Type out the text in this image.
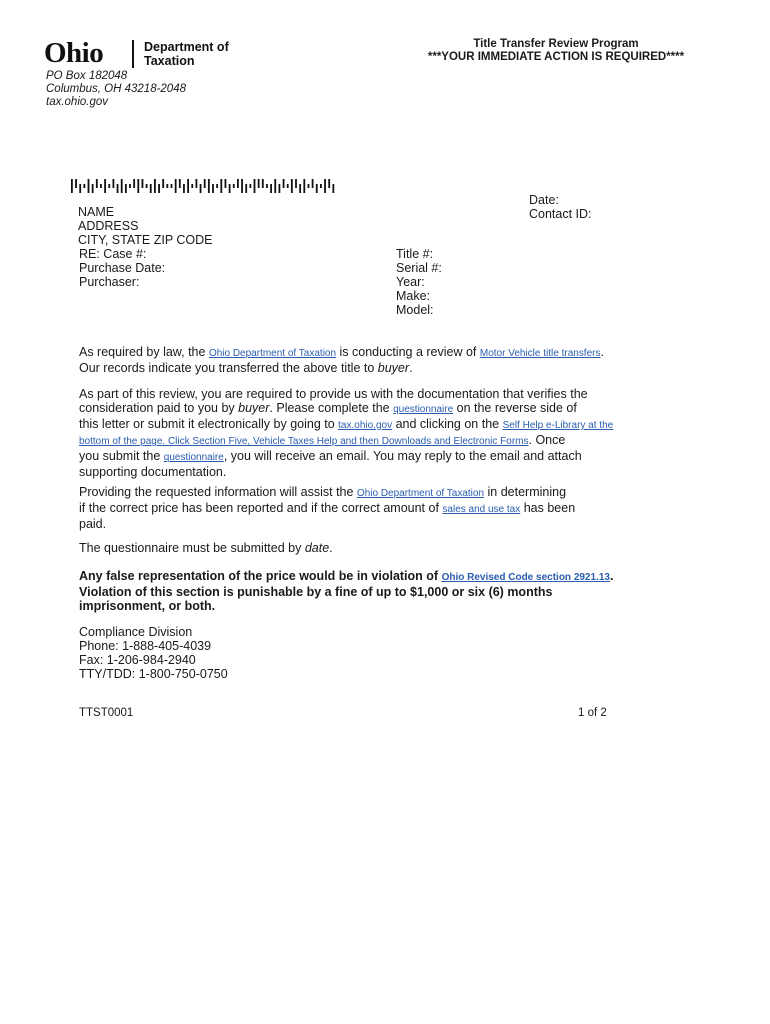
Ohio	Department of
Taxation
Title Transfer Review Program
***YOUR IMMEDIATE ACTION IS REQUIRED****
PO Box 182048
Columbus, OH 43218-2048
tax.ohio.gov
Date:
Contact ID:
NAME
ADDRESS
CITY, STATE ZIP CODE
RE: Case #:
Purchase Date:
Purchaser:
Title #:
Serial #:
Year:
Make:
Model:
As required by law, the Ohio Department of Taxation is conducting a review of Motor Vehicle title transfers.
Our records indicate you transferred the above title to buyer.
As part of this review, you are required to provide us with the documentation that verifies the
consideration paid to you by buyer. Please complete the questionnaire on the reverse side of
this letter or submit it electronically by going to tax.ohio.gov and clicking on the Self Help e-Library at the
bottom of the page. Click Section Five, Vehicle Taxes Help and then Downloads and Electronic Forms. Once
you submit the questionnaire, you will receive an email. You may reply to the email and attach
supporting documentation.
Providing the requested information will assist the Ohio Department of Taxation in determining
if the correct price has been reported and if the correct amount of sales and use tax has been
paid.
The questionnaire must be submitted by date.
Any false representation of the price would be in violation of Ohio Revised Code section 2921.13.
Violation of this section is punishable by a fine of up to $1,000 or six (6) months
imprisonment, or both.
Compliance Division
Phone: 1-888-405-4039
Fax: 1-206-984-2940
TTY/TDD: 1-800-750-0750
TTST0001	1 of 2
